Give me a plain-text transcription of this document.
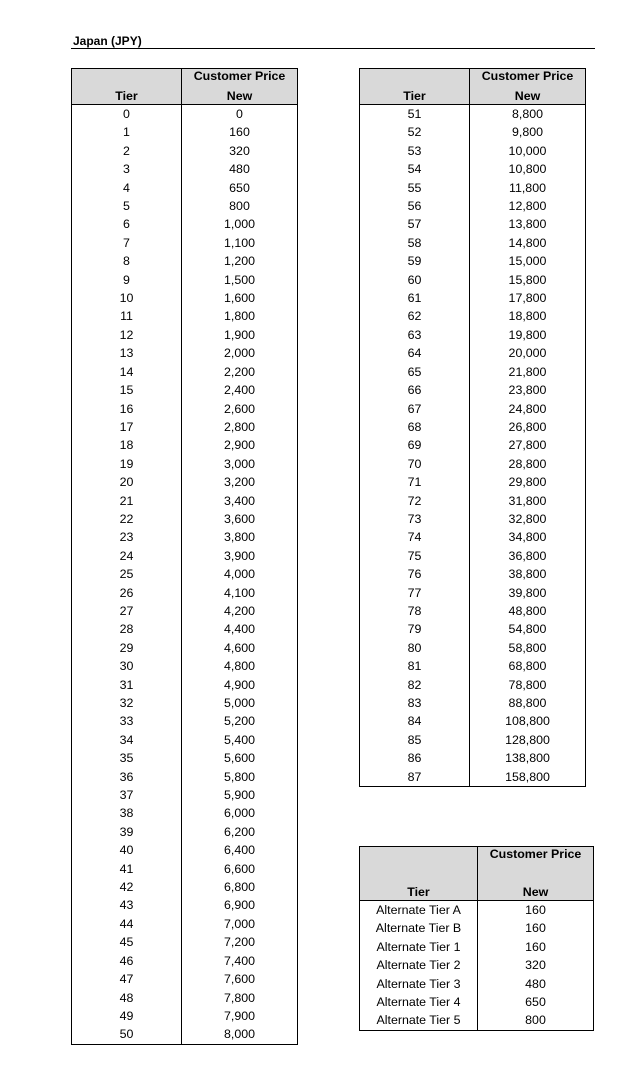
Japan (JPY)
	Customer Price
Tier	New
0	0
1	160
2	320
3	480
4	650
5	800
6	1,000
7	1,100
8	1,200
9	1,500
10	1,600
11	1,800
12	1,900
13	2,000
14	2,200
15	2,400
16	2,600
17	2,800
18	2,900
19	3,000
20	3,200
21	3,400
22	3,600
23	3,800
24	3,900
25	4,000
26	4,100
27	4,200
28	4,400
29	4,600
30	4,800
31	4,900
32	5,000
33	5,200
34	5,400
35	5,600
36	5,800
37	5,900
38	6,000
39	6,200
40	6,400
41	6,600
42	6,800
43	6,900
44	7,000
45	7,200
46	7,400
47	7,600
48	7,800
49	7,900
50	8,000
	Customer Price
Tier	New
51	8,800
52	9,800
53	10,000
54	10,800
55	11,800
56	12,800
57	13,800
58	14,800
59	15,000
60	15,800
61	17,800
62	18,800
63	19,800
64	20,000
65	21,800
66	23,800
67	24,800
68	26,800
69	27,800
70	28,800
71	29,800
72	31,800
73	32,800
74	34,800
75	36,800
76	38,800
77	39,800
78	48,800
79	54,800
80	58,800
81	68,800
82	78,800
83	88,800
84	108,800
85	128,800
86	138,800
87	158,800
	Customer Price
Tier	New
Alternate Tier A	160
Alternate Tier B	160
Alternate Tier 1	160
Alternate Tier 2	320
Alternate Tier 3	480
Alternate Tier 4	650
Alternate Tier 5	800
